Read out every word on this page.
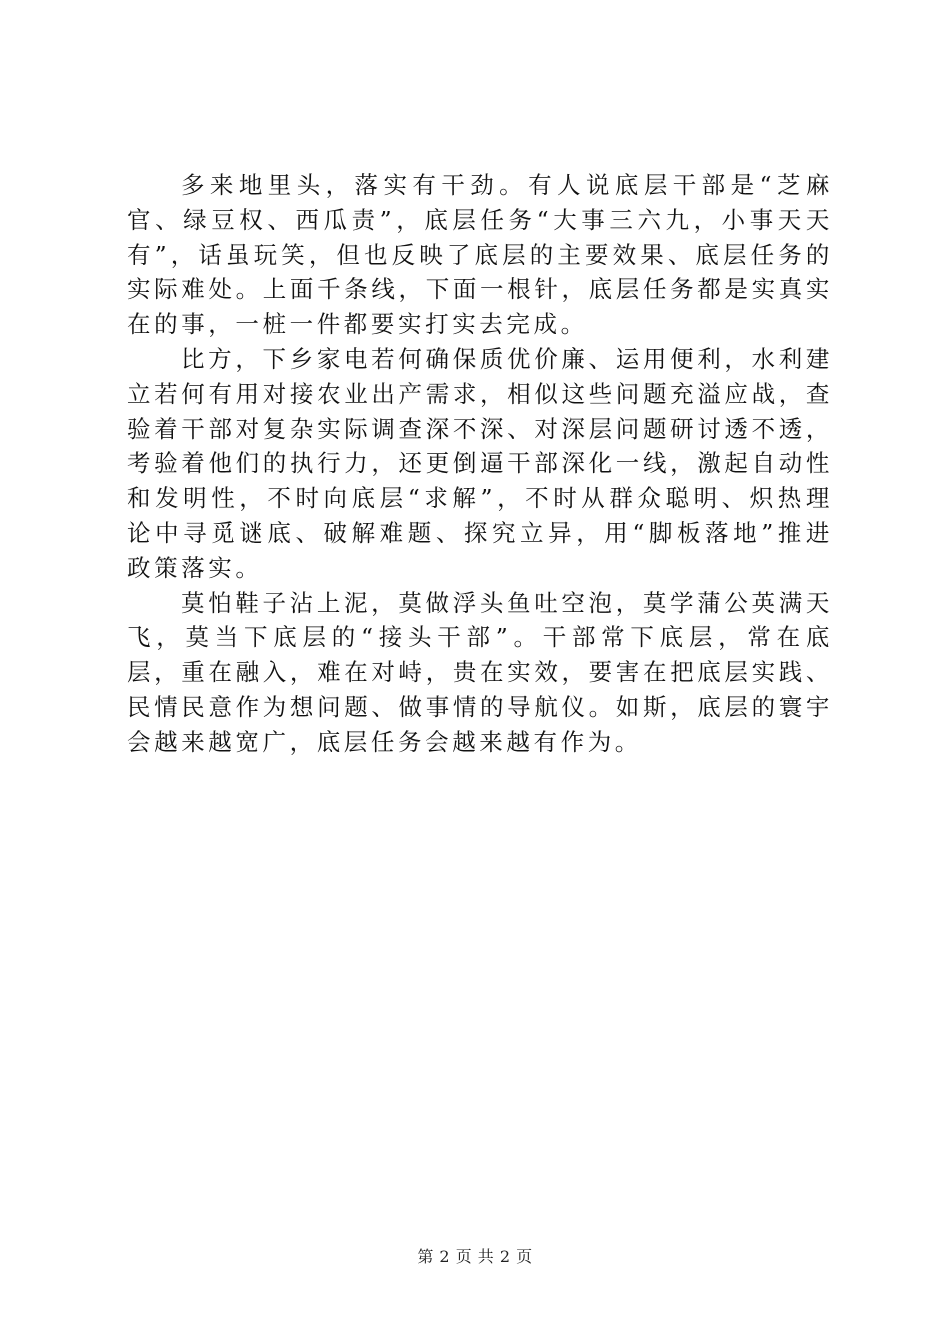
多来地里头，落实有干劲。有人说底层干部是“芝麻官、绿豆权、西瓜责”，底层任务“大事三六九，小事天天有”，话虽玩笑，但也反映了底层的主要效果、底层任务的实际难处。上面千条线，下面一根针，底层任务都是实真实在的事，一桩一件都要实打实去完成。

比方，下乡家电若何确保质优价廉、运用便利，水利建立若何有用对接农业出产需求，相似这些问题充溢应战，查验着干部对复杂实际调查深不深、对深层问题研讨透不透，考验着他们的执行力，还更倒逼干部深化一线，激起自动性和发明性，不时向底层“求解”，不时从群众聪明、炽热理论中寻觅谜底、破解难题、探究立异，用“脚板落地”推进政策落实。

莫怕鞋子沾上泥，莫做浮头鱼吐空泡，莫学蒲公英满天飞，莫当下底层的“接头干部”。干部常下底层，常在底层，重在融入，难在对峙，贵在实效，要害在把底层实践、民情民意作为想问题、做事情的导航仪。如斯，底层的寰宇会越来越宽广，底层任务会越来越有作为。

第 2 页 共 2 页
